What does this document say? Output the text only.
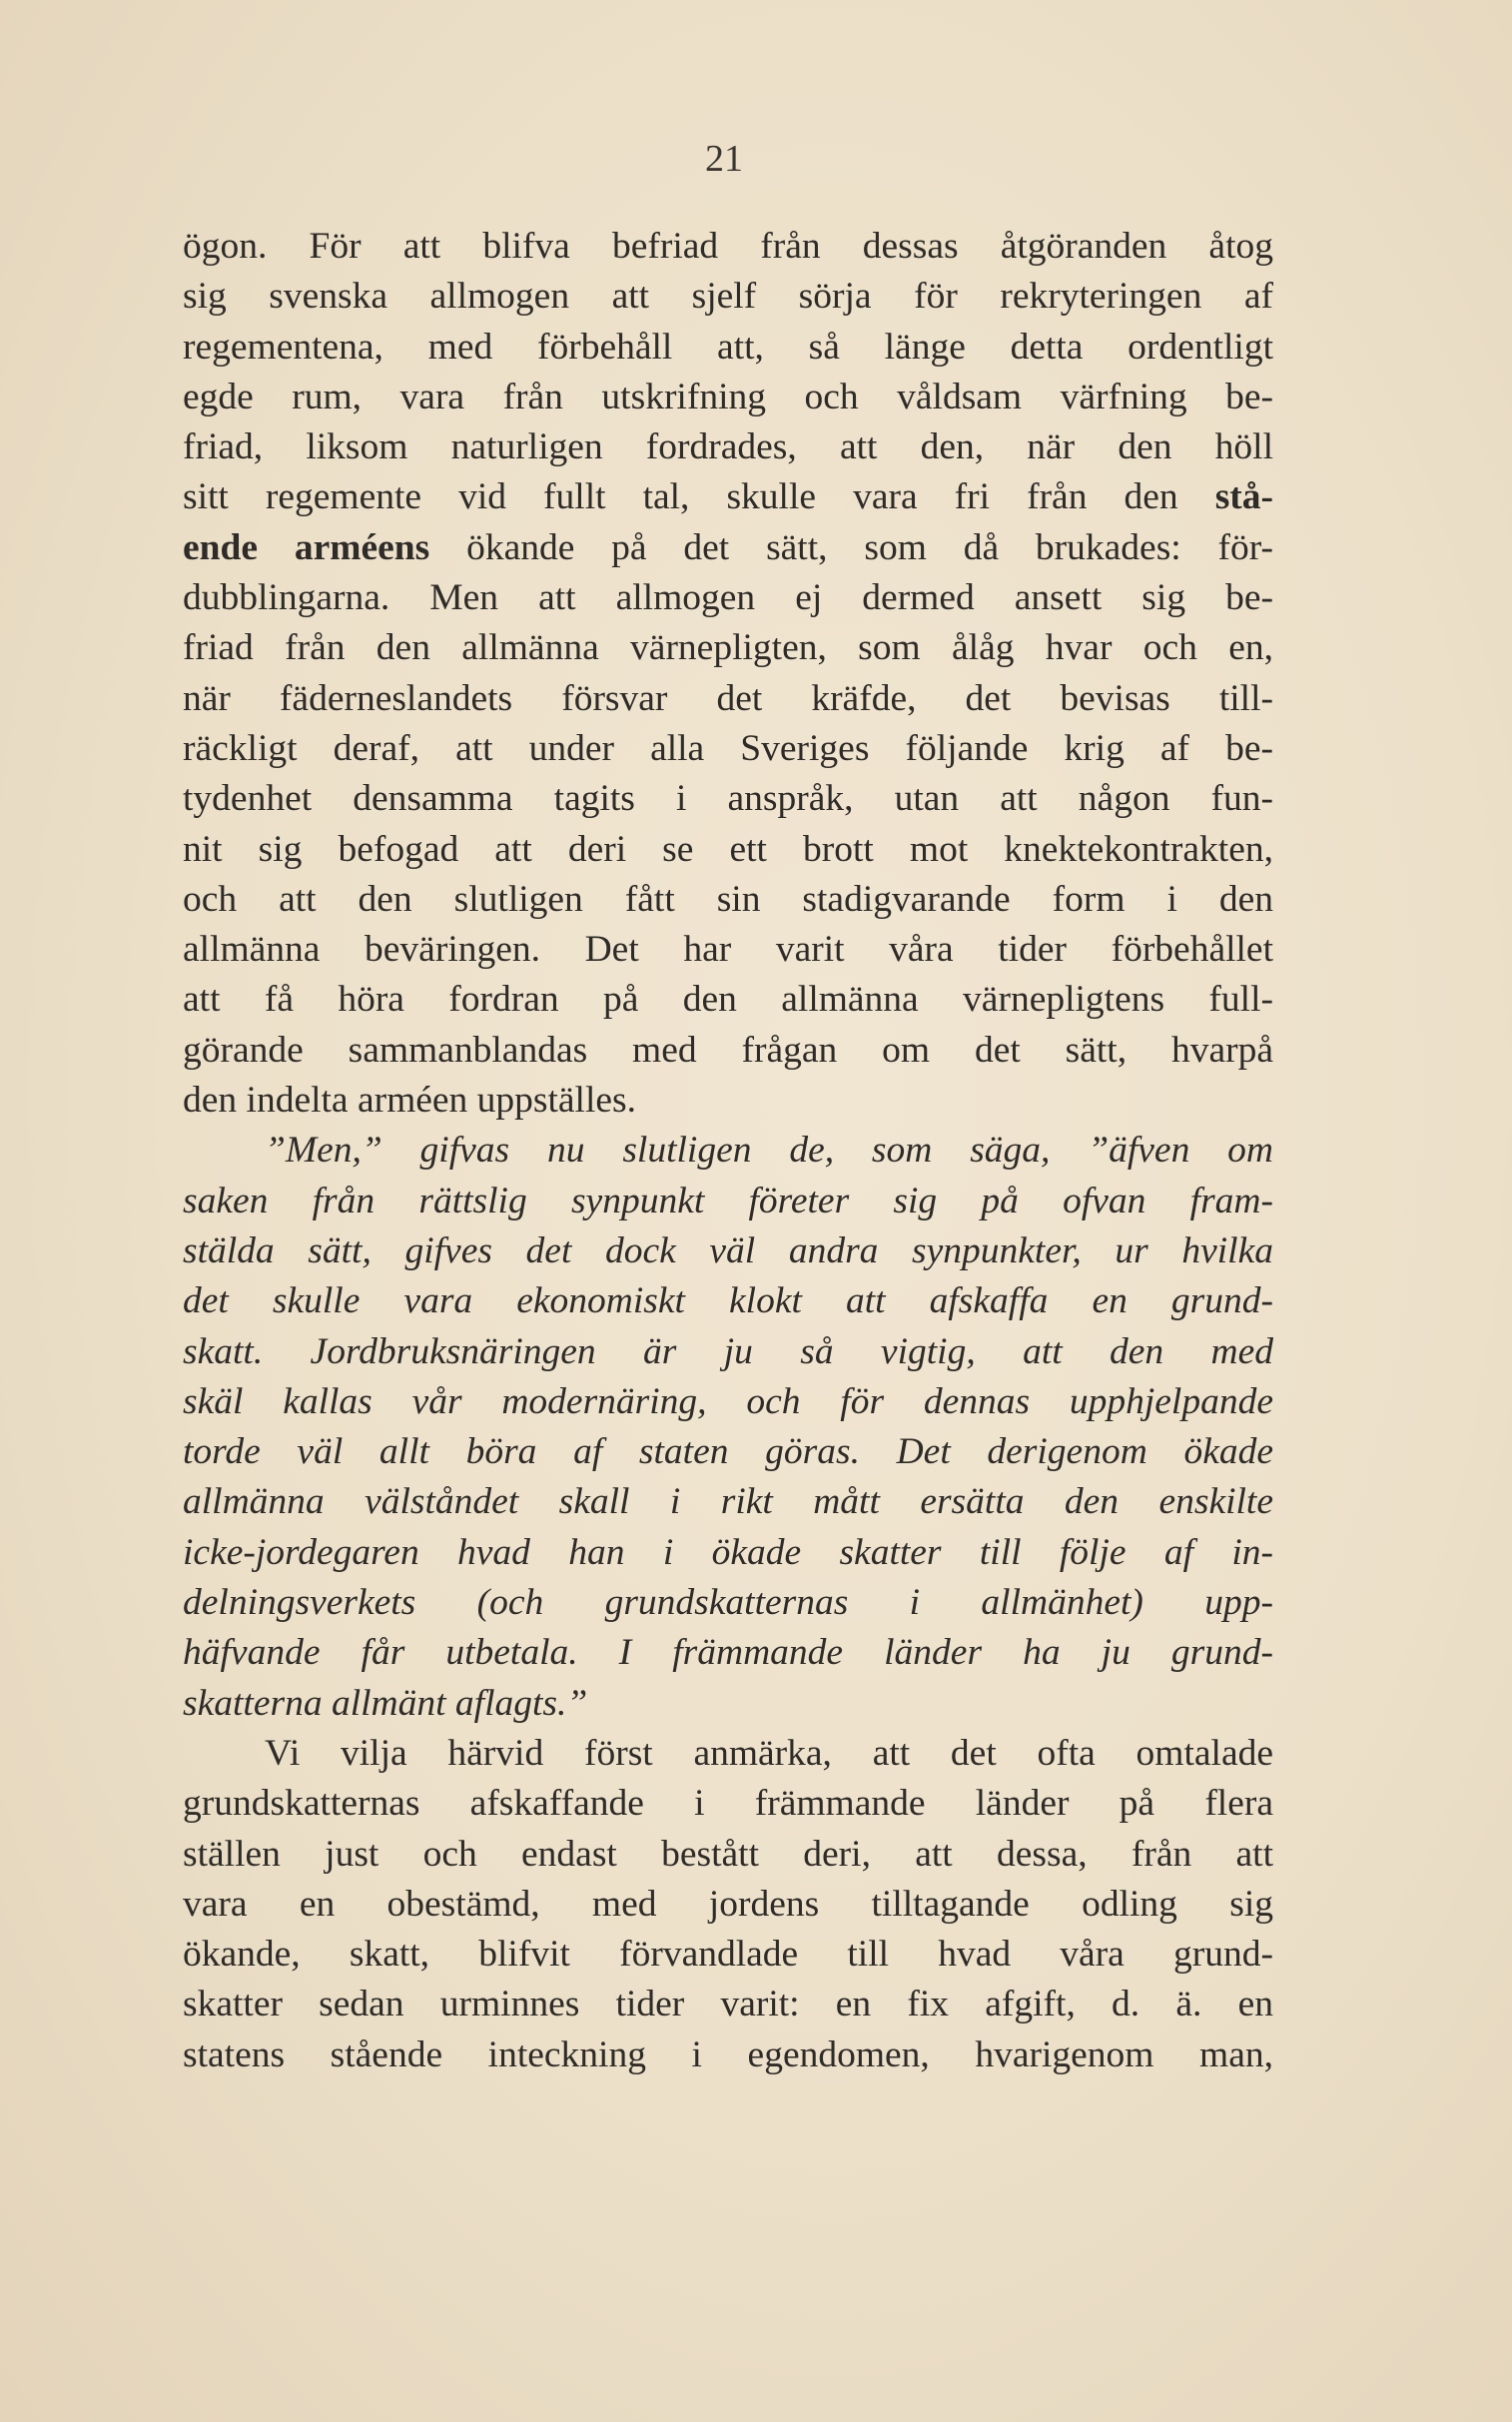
21
ögon. För att blifva befriad från dessas åtgöranden åtog
sig svenska allmogen att sjelf sörja för rekryteringen af
regementena, med förbehåll att, så länge detta ordentligt
egde rum, vara från utskrifning och våldsam värfning be-
friad, liksom naturligen fordrades, att den, när den höll
sitt regemente vid fullt tal, skulle vara fri från den stå-
ende arméens ökande på det sätt, som då brukades: för-
dubblingarna. Men att allmogen ej dermed ansett sig be-
friad från den allmänna värnepligten, som ålåg hvar och en,
när fäderneslandets försvar det kräfde, det bevisas till-
räckligt deraf, att under alla Sveriges följande krig af be-
tydenhet densamma tagits i anspråk, utan att någon fun-
nit sig befogad att deri se ett brott mot knektekontrakten,
och att den slutligen fått sin stadigvarande form i den
allmänna beväringen. Det har varit våra tider förbehållet
att få höra fordran på den allmänna värnepligtens full-
görande sammanblandas med frågan om det sätt, hvarpå
den indelta arméen uppställes.
”Men,” gifvas nu slutligen de, som säga, ”äfven om
saken från rättslig synpunkt företer sig på ofvan fram-
stälda sätt, gifves det dock väl andra synpunkter, ur hvilka
det skulle vara ekonomiskt klokt att afskaffa en grund-
skatt. Jordbruksnäringen är ju så vigtig, att den med
skäl kallas vår modernäring, och för dennas upphjelpande
torde väl allt böra af staten göras. Det derigenom ökade
allmänna välståndet skall i rikt mått ersätta den enskilte
icke-jordegaren hvad han i ökade skatter till följe af in-
delningsverkets (och grundskatternas i allmänhet) upp-
häfvande får utbetala. I främmande länder ha ju grund-
skatterna allmänt aflagts.”
Vi vilja härvid först anmärka, att det ofta omtalade
grundskatternas afskaffande i främmande länder på flera
ställen just och endast bestått deri, att dessa, från att
vara en obestämd, med jordens tilltagande odling sig
ökande, skatt, blifvit förvandlade till hvad våra grund-
skatter sedan urminnes tider varit: en fix afgift, d. ä. en
statens stående inteckning i egendomen, hvarigenom man,
